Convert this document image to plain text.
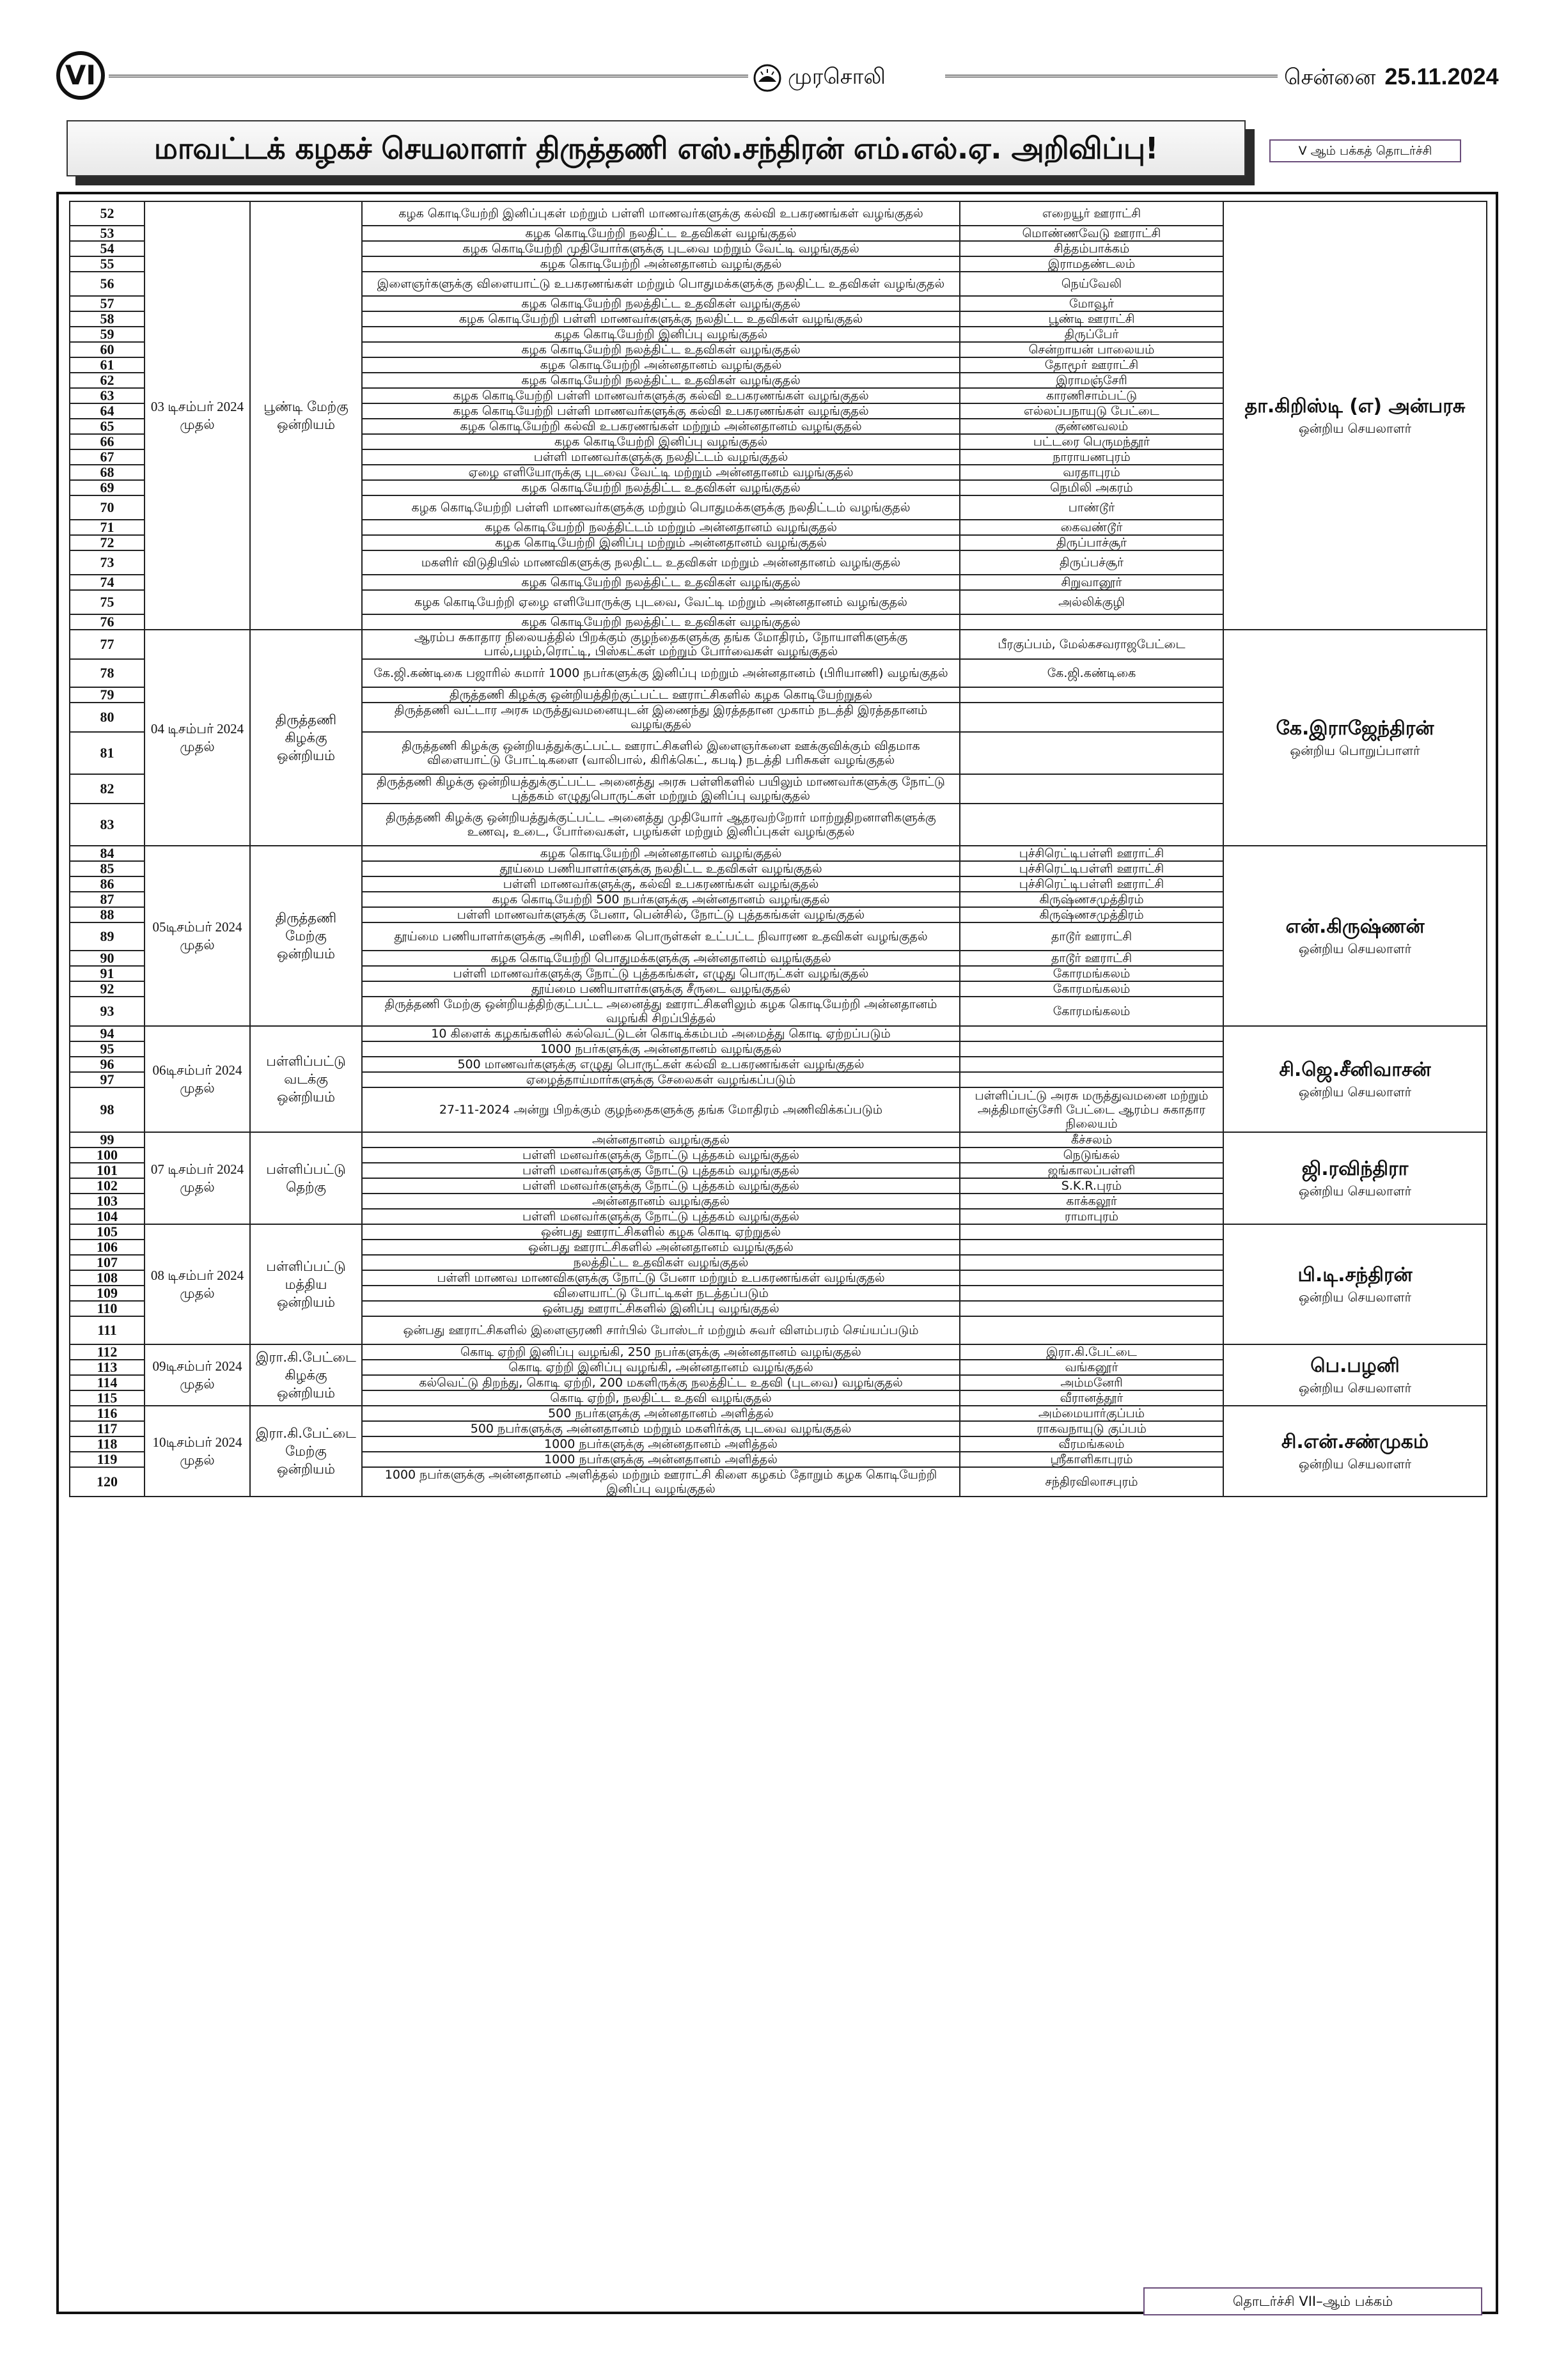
VI	முரசொலி	சென்னை 25.11.2024
மாவட்டக் கழகச் செயலாளர் திருத்தணி எஸ்.சந்திரன் எம்.எல்.ஏ. அறிவிப்பு!	V ஆம் பக்கத் தொடர்ச்சி
52	03 டிசம்பர் 2024 முதல்	பூண்டி மேற்கு ஒன்றியம்	கழக கொடியேற்றி இனிப்புகள் மற்றும் பள்ளி மாணவர்களுக்கு கல்வி உபகரணங்கள் வழங்குதல்	எறையூர் ஊராட்சி	தா.கிறிஸ்டி (எ) அன்பரசு
ஒன்றிய செயலாளர்
53			கழக கொடியேற்றி நலதிட்ட உதவிகள் வழங்குதல்	மொண்ணவேடு ஊராட்சி	
54			கழக கொடியேற்றி முதியோர்களுக்கு புடவை மற்றும் வேட்டி வழங்குதல்	சித்தம்பாக்கம்	
55			கழக கொடியேற்றி அன்னதானம் வழங்குதல்	இராமதண்டலம்	
56			இளைஞர்களுக்கு விளையாட்டு உபகரணங்கள் மற்றும் பொதுமக்களுக்கு நலதிட்ட உதவிகள் வழங்குதல்	நெய்வேலி	
57			கழக கொடியேற்றி நலத்திட்ட உதவிகள் வழங்குதல்	மோவூர்	
58			கழக கொடியேற்றி பள்ளி மாணவர்களுக்கு நலதிட்ட உதவிகள் வழங்குதல்	பூண்டி ஊராட்சி	
59			கழக கொடியேற்றி இனிப்பு வழங்குதல்	திருப்பேர்	
60			கழக கொடியேற்றி நலத்திட்ட உதவிகள் வழங்குதல்	சென்றாயன் பாலையம்	
61			கழக கொடியேற்றி அன்னதானம் வழங்குதல்	தோமூர் ஊராட்சி	
62			கழக கொடியேற்றி நலத்திட்ட உதவிகள் வழங்குதல்	இராமஞ்சேரி	
63			கழக கொடியேற்றி பள்ளி மாணவர்களுக்கு கல்வி உபகரணங்கள் வழங்குதல்	காரணிசாம்பட்டு	
64			கழக கொடியேற்றி பள்ளி மாணவர்களுக்கு கல்வி உபகரணங்கள் வழங்குதல்	எல்லப்பநாயுடு பேட்டை	
65			கழக கொடியேற்றி கல்வி உபகரணங்கள் மற்றும் அன்னதானம் வழங்குதல்	குண்ணவலம்	
66			கழக கொடியேற்றி இனிப்பு வழங்குதல்	பட்டரை பெருமந்தூர்	
67			பள்ளி மாணவர்களுக்கு நலதிட்டம் வழங்குதல்	நாராயணபுரம்	
68			ஏழை எளியோருக்கு புடவை வேட்டி மற்றும் அன்னதானம் வழங்குதல்	வரதாபுரம்	
69			கழக கொடியேற்றி நலத்திட்ட உதவிகள் வழங்குதல்	நெமிலி அகரம்	
70			கழக கொடியேற்றி பள்ளி மாணவர்களுக்கு மற்றும் பொதுமக்களுக்கு நலதிட்டம் வழங்குதல்	பாண்டூர்	
71			கழக கொடியேற்றி நலத்திட்டம் மற்றும் அன்னதானம் வழங்குதல்	கைவண்டூர்	
72			கழக கொடியேற்றி இனிப்பு மற்றும் அன்னதானம் வழங்குதல்	திருப்பாச்சூர்	
73			மகளிர் விடுதியில் மாணவிகளுக்கு நலதிட்ட உதவிகள் மற்றும் அன்னதானம் வழங்குதல்	திருப்பச்சூர்	
74			கழக கொடியேற்றி நலத்திட்ட உதவிகள் வழங்குதல்	சிறுவானூர்	
75			கழக கொடியேற்றி ஏழை எளியோருக்கு புடவை, வேட்டி மற்றும் அன்னதானம் வழங்குதல்	அல்லிக்குழி	
76			கழக கொடியேற்றி நலத்திட்ட உதவிகள் வழங்குதல்		
77	04 டிசம்பர் 2024 முதல்	திருத்தணி கிழக்கு ஒன்றியம்	ஆரம்ப சுகாதார நிலையத்தில் பிறக்கும் குழந்தைகளுக்கு தங்க மோதிரம், நோயாளிகளுக்கு பால்,பழம்,ரொட்டி, பிஸ்கட்கள் மற்றும் போர்வைகள் வழங்குதல்	பீரகுப்பம், மேல்கசவராஜபேட்டை	கே.இராஜேந்திரன்
ஒன்றிய பொறுப்பாளர்
78			கே.ஜி.கண்டிகை பஜாரில் சுமார் 1000 நபர்களுக்கு இனிப்பு மற்றும் அன்னதானம் (பிரியாணி) வழங்குதல்	கே.ஜி.கண்டிகை	
79			திருத்தணி கிழக்கு ஒன்றியத்திற்குட்பட்ட ஊராட்சிகளில் கழக கொடியேற்றுதல்		
80			திருத்தணி வட்டார அரசு மருத்துவமனையுடன் இணைந்து இரத்ததான முகாம் நடத்தி இரத்ததானம் வழங்குதல்		
81			திருத்தணி கிழக்கு ஒன்றியத்துக்குட்பட்ட ஊராட்சிகளில் இளைஞர்களை ஊக்குவிக்கும் விதமாக விளையாட்டு போட்டிகளை (வாலிபால், கிரிக்கெட், கபடி) நடத்தி பரிசுகள் வழங்குதல்		
82			திருத்தணி கிழக்கு ஒன்றியத்துக்குட்பட்ட அனைத்து அரசு பள்ளிகளில் பயிலும் மாணவர்களுக்கு நோட்டு புத்தகம் எழுதுபொருட்கள் மற்றும் இனிப்பு வழங்குதல்		
83			திருத்தணி கிழக்கு ஒன்றியத்துக்குட்பட்ட அனைத்து முதியோர் ஆதரவற்றோர் மாற்றுதிறனாளிகளுக்கு உணவு, உடை, போர்வைகள், பழங்கள் மற்றும் இனிப்புகள் வழங்குதல்		
84	05டிசம்பர் 2024 முதல்	திருத்தணி மேற்கு ஒன்றியம்	கழக கொடியேற்றி அன்னதானம் வழங்குதல்	புச்சிரெட்டிபள்ளி ஊராட்சி	என்.கிருஷ்ணன்
ஒன்றிய செயலாளர்
85			தூய்மை பணியாளர்களுக்கு நலதிட்ட உதவிகள் வழங்குதல்	புச்சிரெட்டிபள்ளி ஊராட்சி	
86			பள்ளி மாணவர்களுக்கு, கல்வி உபகரணங்கள் வழங்குதல்	புச்சிரெட்டிபள்ளி ஊராட்சி	
87			கழக கொடியேற்றி 500 நபர்களுக்கு அன்னதானம் வழங்குதல்	கிருஷ்ணசமுத்திரம்	
88			பள்ளி மாணவர்களுக்கு பேனா, பென்சில், நோட்டு புத்தகங்கள் வழங்குதல்	கிருஷ்ணசமுத்திரம்	
89			தூய்மை பணியாளர்களுக்கு அரிசி, மளிகை பொருள்கள் உட்பட்ட நிவாரண உதவிகள் வழங்குதல்	தாடூர் ஊராட்சி	
90			கழக கொடியேற்றி பொதுமக்களுக்கு அன்னதானம் வழங்குதல்	தாடூர் ஊராட்சி	
91			பள்ளி மாணவர்களுக்கு நோட்டு புத்தகங்கள், எழுது பொருட்கள் வழங்குதல்	கோரமங்கலம்	
92			தூய்மை பணியாளர்களுக்கு சீருடை வழங்குதல்	கோரமங்கலம்	
93			திருத்தணி மேற்கு ஒன்றியத்திற்குட்பட்ட அனைத்து ஊராட்சிகளிலும் கழக கொடியேற்றி அன்னதானம் வழங்கி சிறப்பித்தல்	கோரமங்கலம்	
94	06டிசம்பர் 2024 முதல்	பள்ளிப்பட்டு வடக்கு ஒன்றியம்	10 கிளைக் கழகங்களில் கல்வெட்டுடன் கொடிக்கம்பம் அமைத்து கொடி ஏற்றப்படும்		சி.ஜெ.சீனிவாசன்
ஒன்றிய செயலாளர்
95			1000 நபர்களுக்கு அன்னதானம் வழங்குதல்		
96			500 மாணவர்களுக்கு எழுது பொருட்கள் கல்வி உபகரணங்கள் வழங்குதல்		
97			ஏழைத்தாய்மார்களுக்கு சேலைகள் வழங்கப்படும்		
98			27-11-2024 அன்று பிறக்கும் குழந்தைகளுக்கு தங்க மோதிரம் அணிவிக்கப்படும்	பள்ளிப்பட்டு அரசு மருத்துவமனை மற்றும் அத்திமாஞ்சேரி பேட்டை ஆரம்ப சுகாதார நிலையம்	
99	07 டிசம்பர் 2024 முதல்	பள்ளிப்பட்டு தெற்கு	அன்னதானம் வழங்குதல்	கீச்சலம்	ஜி.ரவிந்திரா
ஒன்றிய செயலாளர்
100			பள்ளி மனவர்களுக்கு நோட்டு புத்தகம் வழங்குதல்	நெடுங்கல்	
101			பள்ளி மனவர்களுக்கு நோட்டு புத்தகம் வழங்குதல்	ஜங்காலப்பள்ளி	
102			பள்ளி மனவர்களுக்கு நோட்டு புத்தகம் வழங்குதல்	S.K.R.புரம்	
103			அன்னதானம் வழங்குதல்	காக்கலூர்	
104			பள்ளி மனவர்களுக்கு நோட்டு புத்தகம் வழங்குதல்	ராமாபுரம்	
105	08 டிசம்பர் 2024 முதல்	பள்ளிப்பட்டு மத்திய ஒன்றியம்	ஒன்பது ஊராட்சிகளில் கழக கொடி ஏற்றுதல்		பி.டி.சந்திரன்
ஒன்றிய செயலாளர்
106			ஒன்பது ஊராட்சிகளில் அன்னதானம் வழங்குதல்		
107			நலத்திட்ட உதவிகள் வழங்குதல்		
108			பள்ளி மாணவ மாணவிகளுக்கு நோட்டு பேனா மற்றும் உபகரணங்கள் வழங்குதல்		
109			விளையாட்டு போட்டிகள் நடத்தப்படும்		
110			ஒன்பது ஊராட்சிகளில் இனிப்பு வழங்குதல்		
111			ஒன்பது ஊராட்சிகளில் இளைஞரணி சார்பில் போஸ்டர் மற்றும் சுவர் விளம்பரம் செய்யப்படும்		
112	09டிசம்பர் 2024 முதல்	இரா.கி.பேட்டை கிழக்கு ஒன்றியம்	கொடி ஏற்றி இனிப்பு வழங்கி, 250 நபர்களுக்கு அன்னதானம் வழங்குதல்	இரா.கி.பேட்டை	பெ.பழனி
ஒன்றிய செயலாளர்
113			கொடி ஏற்றி இனிப்பு வழங்கி, அன்னதானம் வழங்குதல்	வங்கனூர்	
114			கல்வெட்டு திறந்து, கொடி ஏற்றி, 200 மகளிருக்கு நலத்திட்ட உதவி (புடவை) வழங்குதல்	அம்மனேரி	
115			கொடி ஏற்றி, நலதிட்ட உதவி வழங்குதல்	வீரானத்தூர்	
116	10டிசம்பர் 2024 முதல்	இரா.கி.பேட்டை மேற்கு ஒன்றியம்	500 நபர்களுக்கு அன்னதானம் அளித்தல்	அம்மையார்குப்பம்	சி.என்.சண்முகம்
ஒன்றிய செயலாளர்
117			500 நபர்களுக்கு அன்னதானம் மற்றும் மகளிர்க்கு புடவை வழங்குதல்	ராகவநாயுடு குப்பம்	
118			1000 நபர்களுக்கு அன்னதானம் அளித்தல்	வீரமங்கலம்	
119			1000 நபர்களுக்கு அன்னதானம் அளித்தல்	ஸ்ரீகாளிகாபுரம்	
120			1000 நபர்களுக்கு அன்னதானம் அளித்தல் மற்றும் ஊராட்சி கிளை கழகம் தோறும் கழக கொடியேற்றி இனிப்பு வழங்குதல்	சந்திரவிலாசபுரம்	
தொடர்ச்சி VII–ஆம் பக்கம்
